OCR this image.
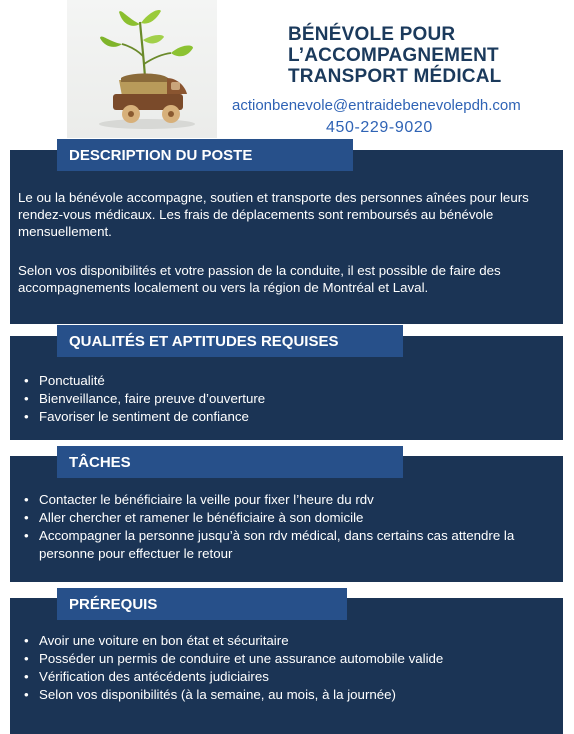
BÉNÉVOLE POUR
L’ACCOMPAGNEMENT
TRANSPORT MÉDICAL
actionbenevole@entraidebenevolepdh.com
450-229-9020
DESCRIPTION DU POSTE
Le ou la bénévole accompagne, soutien et transporte des personnes aînées pour leurs rendez-vous médicaux. Les frais de déplacements sont remboursés au bénévole mensuellement.
Selon vos disponibilités et votre passion de la conduite, il est possible de faire des accompagnements localement ou vers la région de Montréal et Laval.
QUALITÉS ET APTITUDES REQUISES
• Ponctualité
• Bienveillance, faire preuve d’ouverture
• Favoriser le sentiment de confiance
TÂCHES
• Contacter le bénéficiaire la veille pour fixer l’heure du rdv
• Aller chercher et ramener le bénéficiaire à son domicile
• Accompagner la personne jusqu’à son rdv médical, dans certains cas attendre la personne pour effectuer le retour
PRÉREQUIS
• Avoir une voiture en bon état et sécuritaire
• Posséder un permis de conduire et une assurance automobile valide
• Vérification des antécédents judiciaires
• Selon vos disponibilités (à la semaine, au mois, à la journée)
